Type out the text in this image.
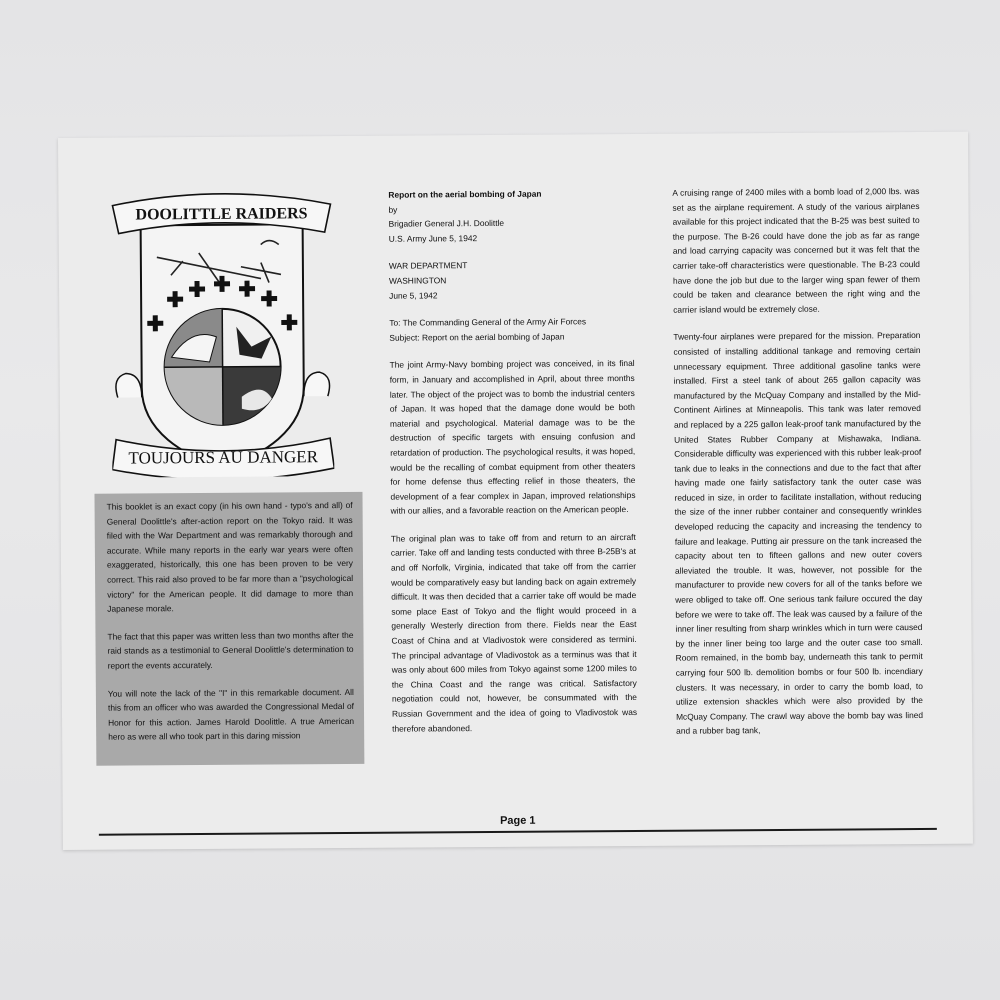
DOOLITTLE RAIDERS
TOUJOURS AU DANGER

This booklet is an exact copy (in his own hand - typo's and all) of General Doolittle's after-action report on the Tokyo raid. It was filed with the War Department and was remarkably thorough and accurate. While many reports in the early war years were often exaggerated, historically, this one has been proven to be very correct. This raid also proved to be far more than a "psychological victory" for the American people. It did damage to more than Japanese morale.

The fact that this paper was written less than two months after the raid stands as a testimonial to General Doolittle's determination to report the events accurately.

You will note the lack of the "I" in this remarkable document. All this from an officer who was awarded the Congressional Medal of Honor for this action. James Harold Doolittle. A true American hero as were all who took part in this daring mission

Report on the aerial bombing of Japan
by
Brigadier General J.H. Doolittle
U.S. Army June 5, 1942
WAR DEPARTMENT
WASHINGTON
June 5, 1942
To: The Commanding General of the Army Air Forces
Subject: Report on the aerial bombing of Japan

The joint Army-Navy bombing project was conceived, in its final form, in January and accomplished in April, about three months later. The object of the project was to bomb the industrial centers of Japan. It was hoped that the damage done would be both material and psychological. Material damage was to be the destruction of specific targets with ensuing confusion and retardation of production. The psychological results, it was hoped, would be the recalling of combat equipment from other theaters for home defense thus effecting relief in those theaters, the development of a fear complex in Japan, improved relationships with our allies, and a favorable reaction on the American people.

The original plan was to take off from and return to an aircraft carrier. Take off and landing tests conducted with three B-25B's at and off Norfolk, Virginia, indicated that take off from the carrier would be comparatively easy but landing back on again extremely difficult. It was then decided that a carrier take off would be made some place East of Tokyo and the flight would proceed in a generally Westerly direction from there. Fields near the East Coast of China and at Vladivostok were considered as termini. The principal advantage of Vladivostok as a terminus was that it was only about 600 miles from Tokyo against some 1200 miles to the China Coast and the range was critical. Satisfactory negotiation could not, however, be consummated with the Russian Government and the idea of going to Vladivostok was therefore abandoned.

A cruising range of 2400 miles with a bomb load of 2,000 lbs. was set as the airplane requirement. A study of the various airplanes available for this project indicated that the B-25 was best suited to the purpose. The B-26 could have done the job as far as range and load carrying capacity was concerned but it was felt that the carrier take-off characteristics were questionable. The B-23 could have done the job but due to the larger wing span fewer of them could be taken and clearance between the right wing and the carrier island would be extremely close.

Twenty-four airplanes were prepared for the mission. Preparation consisted of installing additional tankage and removing certain unnecessary equipment. Three additional gasoline tanks were installed. First a steel tank of about 265 gallon capacity was manufactured by the McQuay Company and installed by the Mid-Continent Airlines at Minneapolis. This tank was later removed and replaced by a 225 gallon leak-proof tank manufactured by the United States Rubber Company at Mishawaka, Indiana. Considerable difficulty was experienced with this rubber leak-proof tank due to leaks in the connections and due to the fact that after having made one fairly satisfactory tank the outer case was reduced in size, in order to facilitate installation, without reducing the size of the inner rubber container and consequently wrinkles developed reducing the capacity and increasing the tendency to failure and leakage. Putting air pressure on the tank increased the capacity about ten to fifteen gallons and new outer covers alleviated the trouble. It was, however, not possible for the manufacturer to provide new covers for all of the tanks before we were obliged to take off. One serious tank failure occured the day before we were to take off. The leak was caused by a failure of the inner liner resulting from sharp wrinkles which in turn were caused by the inner liner being too large and the outer case too small. Room remained, in the bomb bay, underneath this tank to permit carrying four 500 lb. demolition bombs or four 500 lb. incendiary clusters. It was necessary, in order to carry the bomb load, to utilize extension shackles which were also provided by the McQuay Company. The crawl way above the bomb bay was lined and a rubber bag tank,

Page 1
